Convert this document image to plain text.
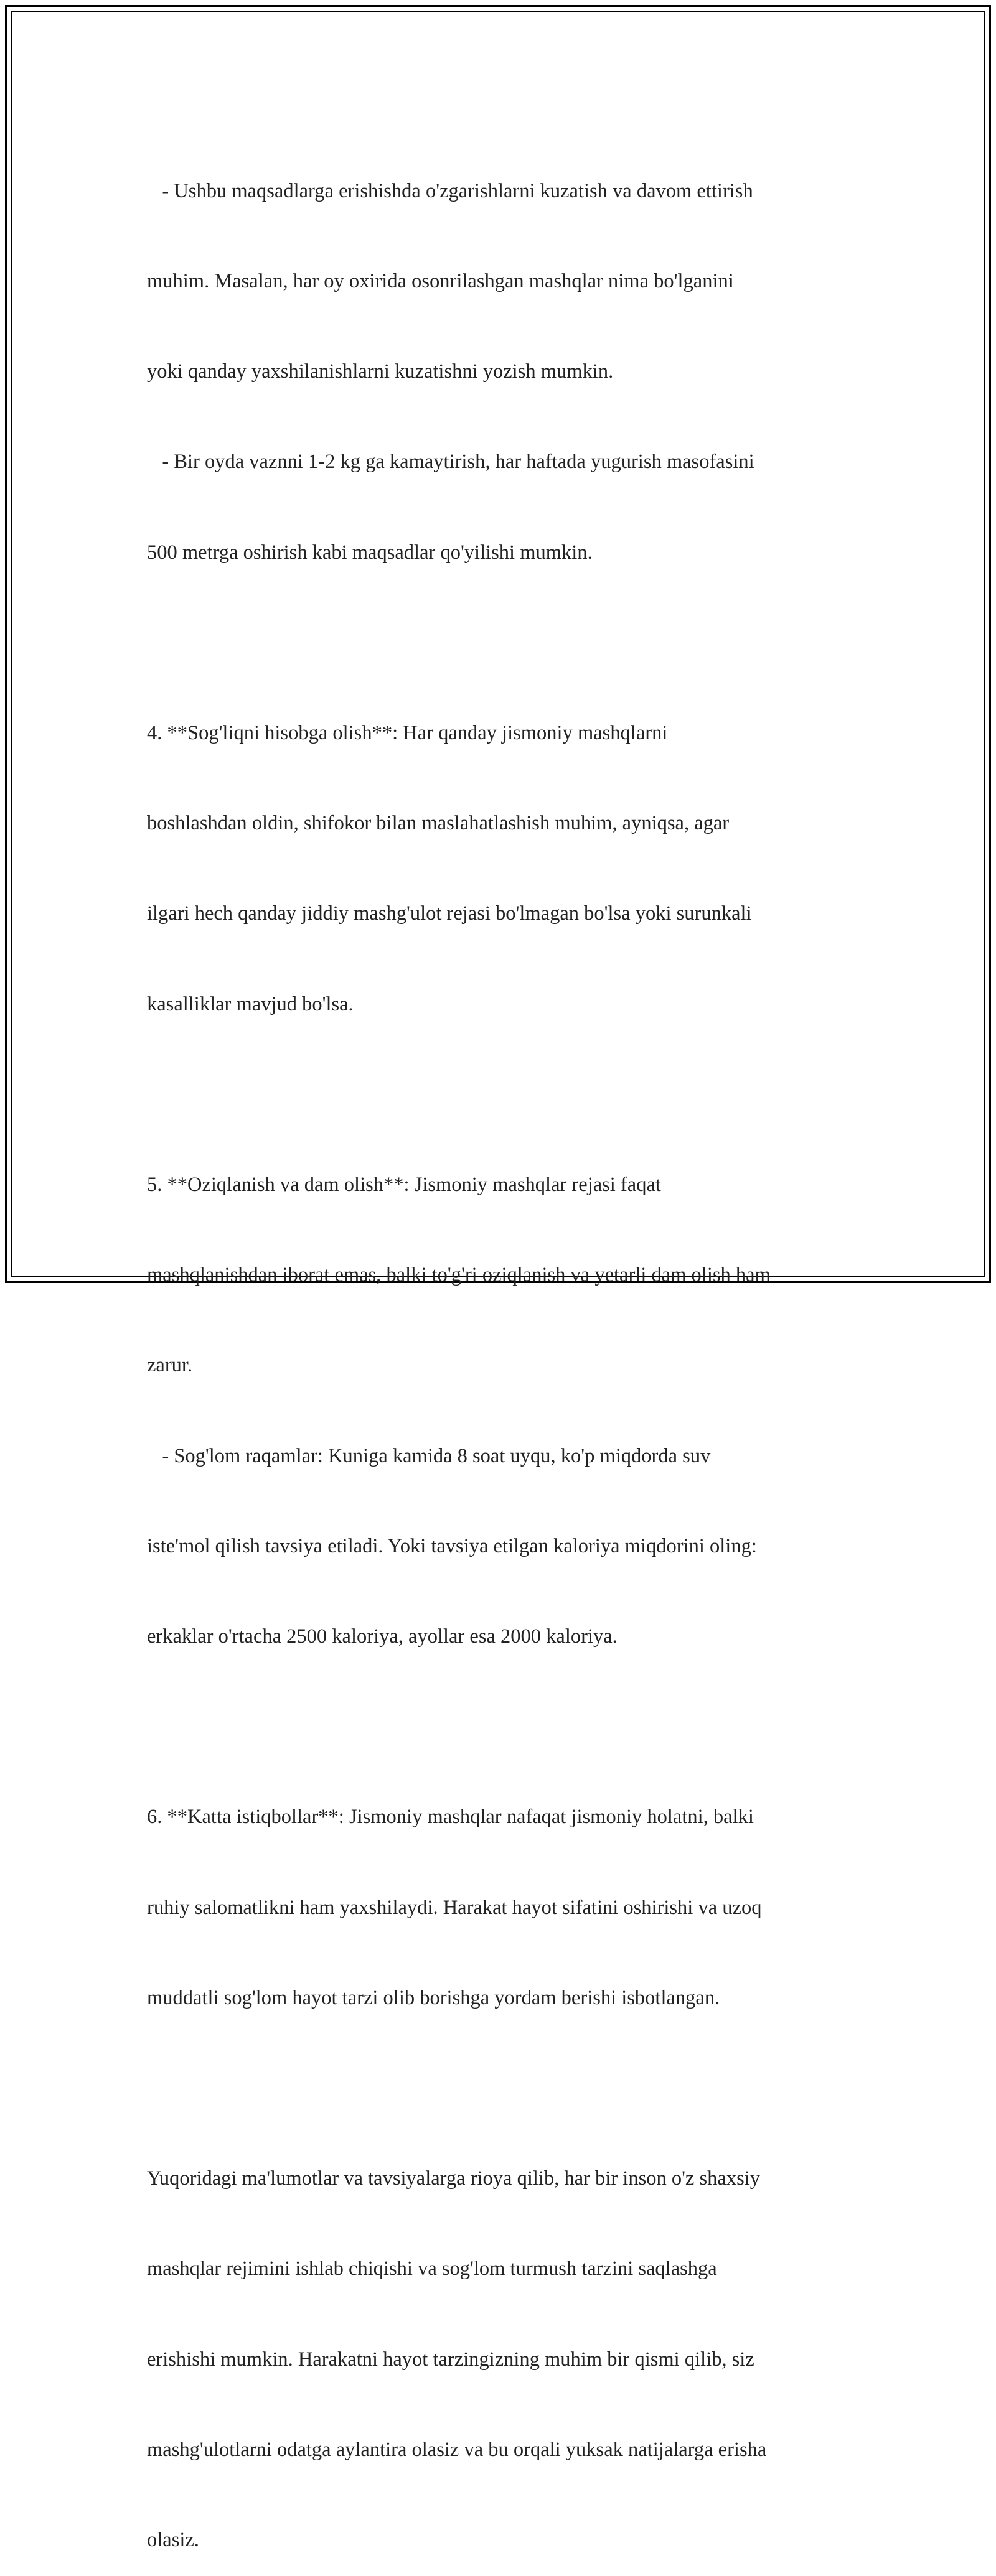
- Ushbu maqsadlarga erishishda o'zgarishlarni kuzatish va davom ettirish

muhim. Masalan, har oy oxirida osonrilashgan mashqlar nima bo'lganini

yoki qanday yaxshilanishlarni kuzatishni yozish mumkin.

- Bir oyda vaznni 1-2 kg ga kamaytirish, har haftada yugurish masofasini

500 metrga oshirish kabi maqsadlar qo'yilishi mumkin.

4. **Sog'liqni hisobga olish**: Har qanday jismoniy mashqlarni

boshlashdan oldin, shifokor bilan maslahatlashish muhim, ayniqsa, agar

ilgari hech qanday jiddiy mashg'ulot rejasi bo'lmagan bo'lsa yoki surunkali

kasalliklar mavjud bo'lsa.

5. **Oziqlanish va dam olish**: Jismoniy mashqlar rejasi faqat

mashqlanishdan iborat emas, balki to'g'ri oziqlanish va yetarli dam olish ham

zarur.

- Sog'lom raqamlar: Kuniga kamida 8 soat uyqu, ko'p miqdorda suv

iste'mol qilish tavsiya etiladi. Yoki tavsiya etilgan kaloriya miqdorini oling:

erkaklar o'rtacha 2500 kaloriya, ayollar esa 2000 kaloriya.

6. **Katta istiqbollar**: Jismoniy mashqlar nafaqat jismoniy holatni, balki

ruhiy salomatlikni ham yaxshilaydi. Harakat hayot sifatini oshirishi va uzoq

muddatli sog'lom hayot tarzi olib borishga yordam berishi isbotlangan.

Yuqoridagi ma'lumotlar va tavsiyalarga rioya qilib, har bir inson o'z shaxsiy

mashqlar rejimini ishlab chiqishi va sog'lom turmush tarzini saqlashga

erishishi mumkin. Harakatni hayot tarzingizning muhim bir qismi qilib, siz

mashg'ulotlarni odatga aylantira olasiz va bu orqali yuksak natijalarga erisha

olasiz.
